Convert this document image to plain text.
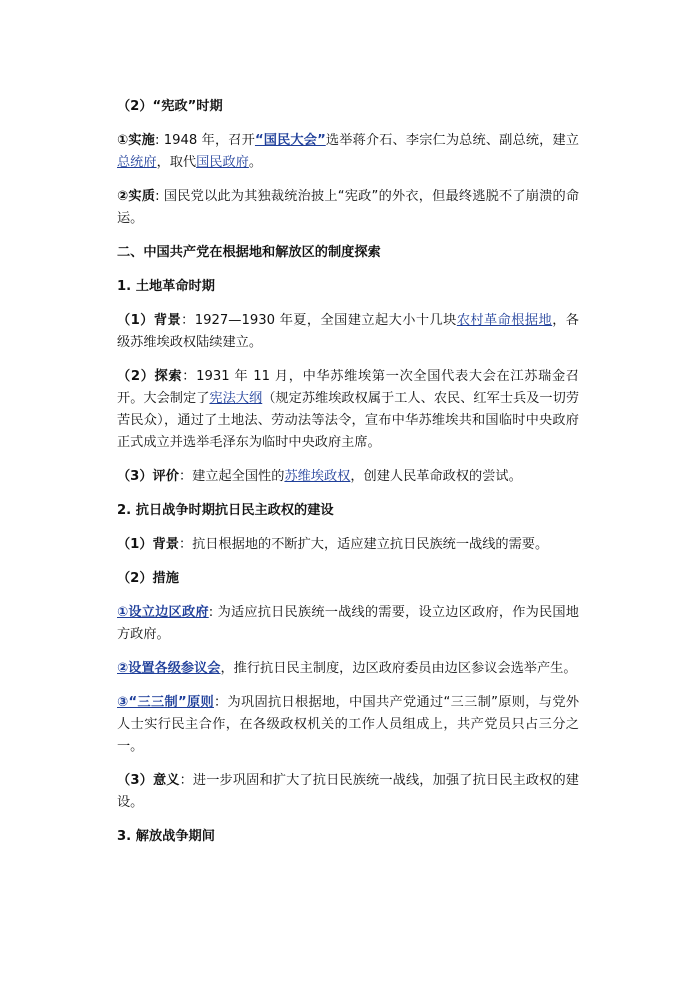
（2）“宪政”时期

①实施: 1948 年，召开“国民大会”选举蒋介石、李宗仁为总统、副总统，建立总统府，取代国民政府。

②实质: 国民党以此为其独裁统治披上“宪政”的外衣，但最终逃脱不了崩溃的命运。

二、中国共产党在根据地和解放区的制度探索

1. 土地革命时期

（1）背景：1927—1930 年夏，全国建立起大小十几块农村革命根据地，各级苏维埃政权陆续建立。

（2）探索：1931 年 11 月，中华苏维埃第一次全国代表大会在江苏瑞金召开。大会制定了宪法大纲（规定苏维埃政权属于工人、农民、红军士兵及一切劳苦民众），通过了土地法、劳动法等法令，宣布中华苏维埃共和国临时中央政府正式成立并选举毛泽东为临时中央政府主席。

（3）评价：建立起全国性的苏维埃政权，创建人民革命政权的尝试。

2. 抗日战争时期抗日民主政权的建设

（1）背景：抗日根据地的不断扩大，适应建立抗日民族统一战线的需要。

（2）措施

①设立边区政府: 为适应抗日民族统一战线的需要，设立边区政府，作为民国地方政府。

②设置各级参议会，推行抗日民主制度，边区政府委员由边区参议会选举产生。

③“三三制”原则：为巩固抗日根据地，中国共产党通过“三三制”原则，与党外人士实行民主合作，在各级政权机关的工作人员组成上，共产党员只占三分之一。

（3）意义：进一步巩固和扩大了抗日民族统一战线，加强了抗日民主政权的建设。

3. 解放战争期间
